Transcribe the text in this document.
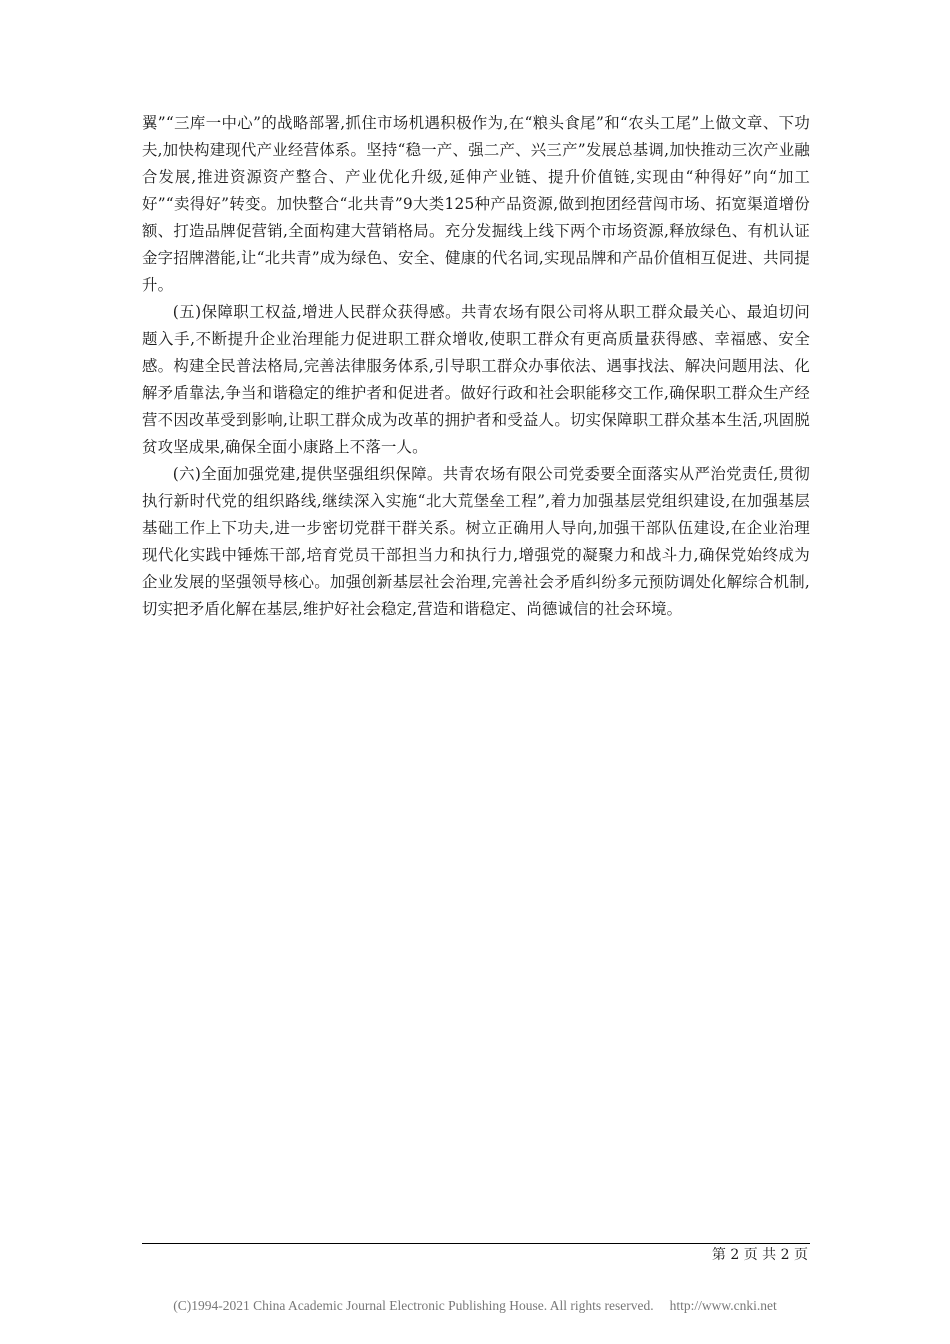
翼”“三库一中心”的战略部署,抓住市场机遇积极作为,在“粮头食尾”和“农头工尾”上做文章、下功夫,加快构建现代产业经营体系。坚持“稳一产、强二产、兴三产”发展总基调,加快推动三次产业融合发展,推进资源资产整合、产业优化升级,延伸产业链、提升价值链,实现由“种得好”向“加工好”“卖得好”转变。加快整合“北共青”9大类125种产品资源,做到抱团经营闯市场、拓宽渠道增份额、打造品牌促营销,全面构建大营销格局。充分发掘线上线下两个市场资源,释放绿色、有机认证金字招牌潜能,让“北共青”成为绿色、安全、健康的代名词,实现品牌和产品价值相互促进、共同提升。

(五)保障职工权益,增进人民群众获得感。共青农场有限公司将从职工群众最关心、最迫切问题入手,不断提升企业治理能力促进职工群众增收,使职工群众有更高质量获得感、幸福感、安全感。构建全民普法格局,完善法律服务体系,引导职工群众办事依法、遇事找法、解决问题用法、化解矛盾靠法,争当和谐稳定的维护者和促进者。做好行政和社会职能移交工作,确保职工群众生产经营不因改革受到影响,让职工群众成为改革的拥护者和受益人。切实保障职工群众基本生活,巩固脱贫攻坚成果,确保全面小康路上不落一人。

(六)全面加强党建,提供坚强组织保障。共青农场有限公司党委要全面落实从严治党责任,贯彻执行新时代党的组织路线,继续深入实施“北大荒堡垒工程”,着力加强基层党组织建设,在加强基层基础工作上下功夫,进一步密切党群干群关系。树立正确用人导向,加强干部队伍建设,在企业治理现代化实践中锤炼干部,培育党员干部担当力和执行力,增强党的凝聚力和战斗力,确保党始终成为企业发展的坚强领导核心。加强创新基层社会治理,完善社会矛盾纠纷多元预防调处化解综合机制,切实把矛盾化解在基层,维护好社会稳定,营造和谐稳定、尚德诚信的社会环境。

第 2 页 共 2 页
(C)1994-2021 China Academic Journal Electronic Publishing House. All rights reserved. http://www.cnki.net
